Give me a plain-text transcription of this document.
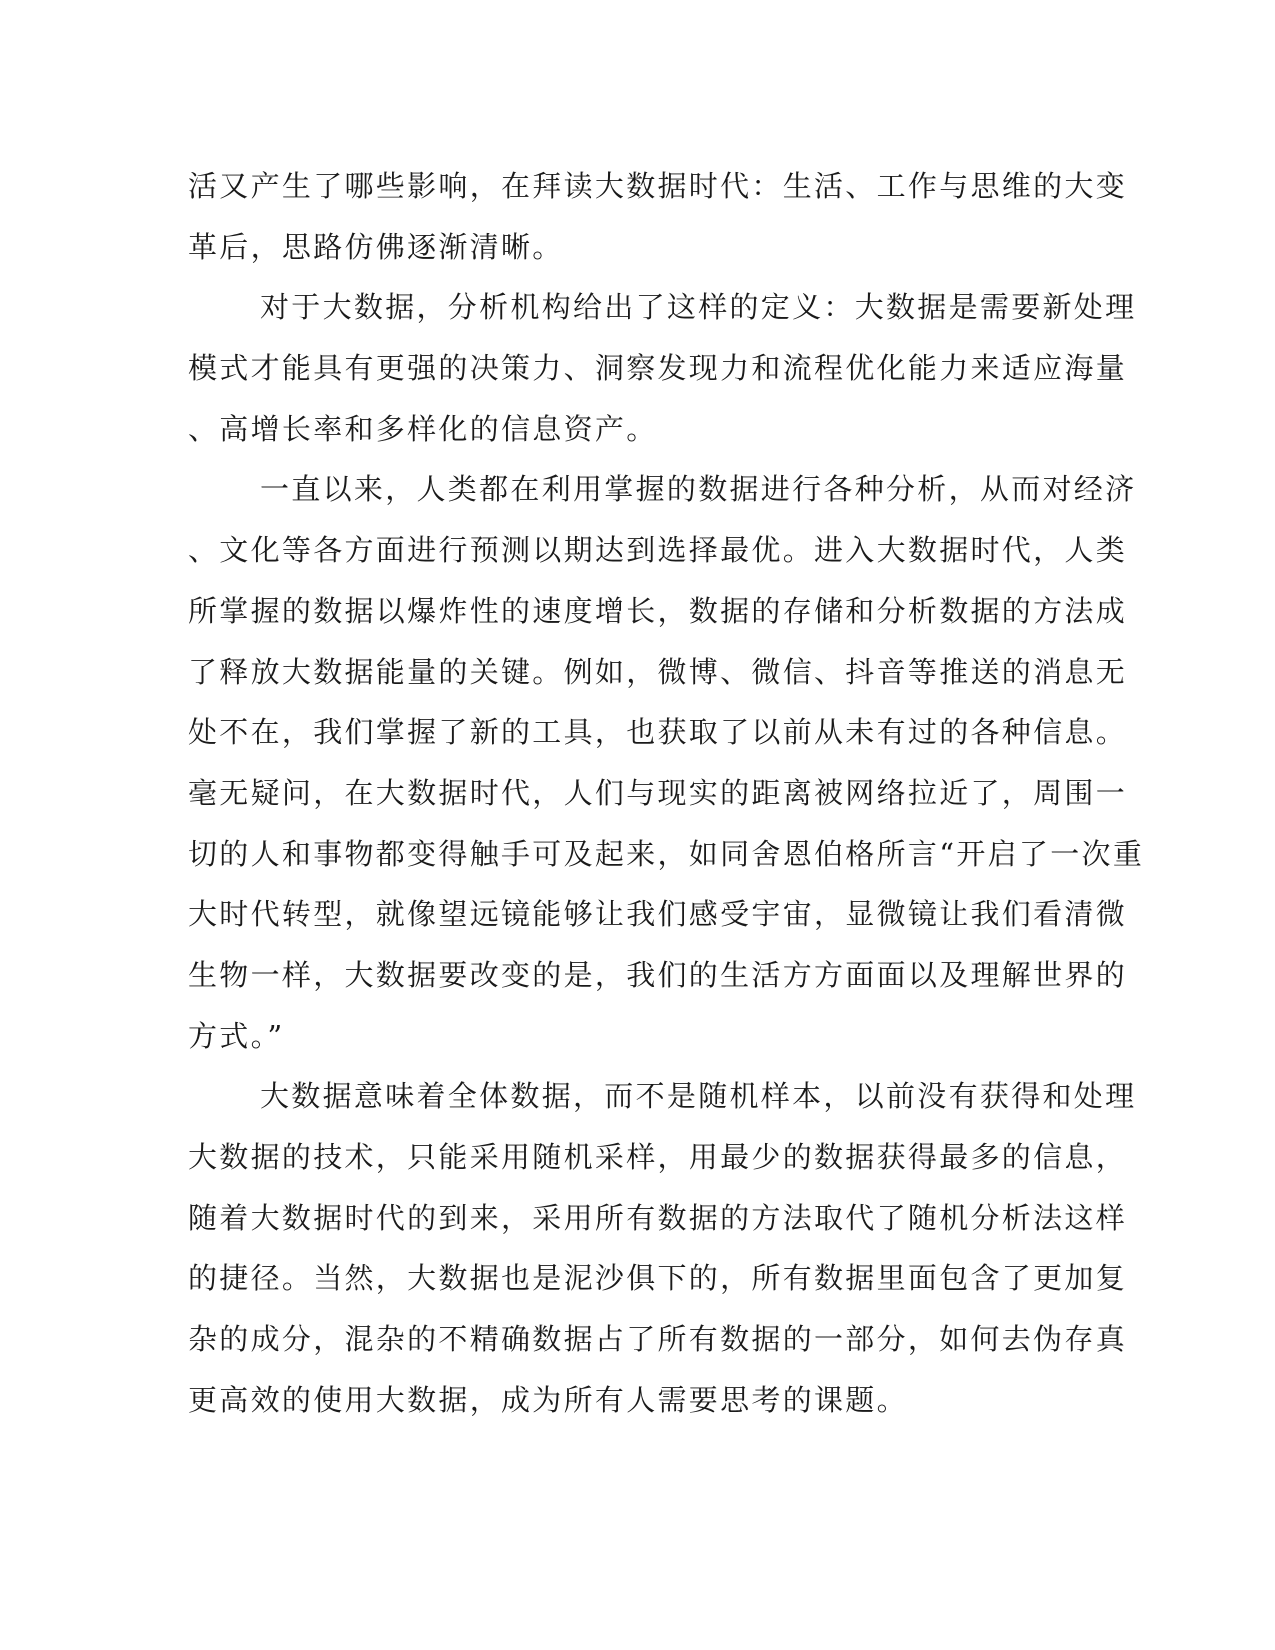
活又产生了哪些影响，在拜读大数据时代：生活、工作与思维的大变
革后，思路仿佛逐渐清晰。
对于大数据，分析机构给出了这样的定义：大数据是需要新处理
模式才能具有更强的决策力、洞察发现力和流程优化能力来适应海量
、高增长率和多样化的信息资产。
一直以来，人类都在利用掌握的数据进行各种分析，从而对经济
、文化等各方面进行预测以期达到选择最优。进入大数据时代，人类
所掌握的数据以爆炸性的速度增长，数据的存储和分析数据的方法成
了释放大数据能量的关键。例如，微博、微信、抖音等推送的消息无
处不在，我们掌握了新的工具，也获取了以前从未有过的各种信息。
毫无疑问，在大数据时代，人们与现实的距离被网络拉近了，周围一
切的人和事物都变得触手可及起来，如同舍恩伯格所言“开启了一次重
大时代转型，就像望远镜能够让我们感受宇宙，显微镜让我们看清微
生物一样，大数据要改变的是，我们的生活方方面面以及理解世界的
方式。”
大数据意味着全体数据，而不是随机样本，以前没有获得和处理
大数据的技术，只能采用随机采样，用最少的数据获得最多的信息，
随着大数据时代的到来，采用所有数据的方法取代了随机分析法这样
的捷径。当然，大数据也是泥沙俱下的，所有数据里面包含了更加复
杂的成分，混杂的不精确数据占了所有数据的一部分，如何去伪存真
更高效的使用大数据，成为所有人需要思考的课题。
